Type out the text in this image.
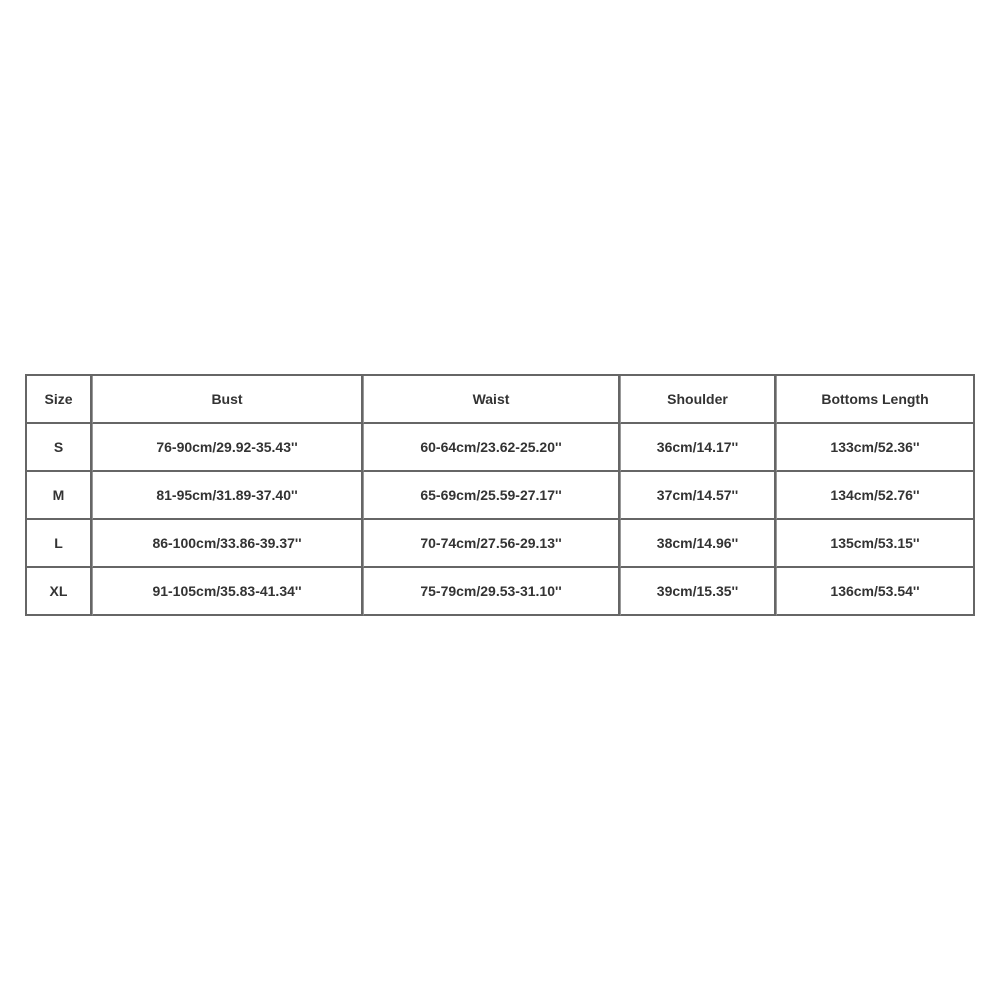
Size	Bust	Waist	Shoulder	Bottoms Length
S	76-90cm/29.92-35.43''	60-64cm/23.62-25.20''	36cm/14.17''	133cm/52.36''
M	81-95cm/31.89-37.40''	65-69cm/25.59-27.17''	37cm/14.57''	134cm/52.76''
L	86-100cm/33.86-39.37''	70-74cm/27.56-29.13''	38cm/14.96''	135cm/53.15''
XL	91-105cm/35.83-41.34''	75-79cm/29.53-31.10''	39cm/15.35''	136cm/53.54''
